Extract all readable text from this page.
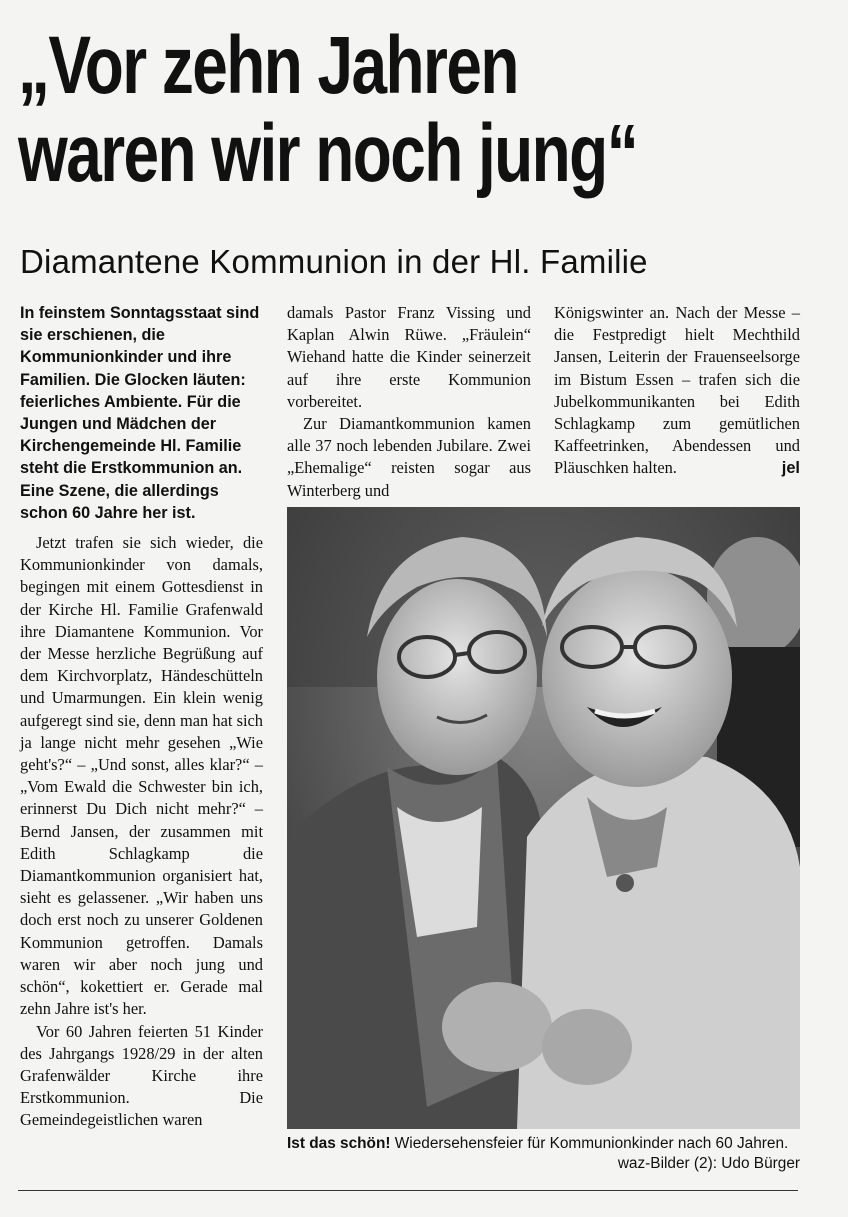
„Vor zehn Jahren
waren wir noch jung“
Diamantene Kommunion in der Hl. Familie

In feinstem Sonntagsstaat sind sie erschienen, die Kommunionkinder und ihre Familien. Die Glocken läuten: feierliches Ambiente. Für die Jungen und Mädchen der Kirchengemeinde Hl. Familie steht die Erstkommunion an. Eine Szene, die allerdings schon 60 Jahre her ist.

Jetzt trafen sie sich wieder, die Kommunionkinder von damals, begingen mit einem Gottesdienst in der Kirche Hl. Familie Grafenwald ihre Diamantene Kommunion. Vor der Messe herzliche Begrüßung auf dem Kirchvorplatz, Händeschütteln und Umarmungen. Ein klein wenig aufgeregt sind sie, denn man hat sich ja lange nicht mehr gesehen „Wie geht's?“ – „Und sonst, alles klar?“ – „Vom Ewald die Schwester bin ich, erinnerst Du Dich nicht mehr?“ – Bernd Jansen, der zusammen mit Edith Schlagkamp die Diamantkommunion organisiert hat, sieht es gelassener. „Wir haben uns doch erst noch zu unserer Goldenen Kommunion getroffen. Damals waren wir aber noch jung und schön“, kokettiert er. Gerade mal zehn Jahre ist's her.

Vor 60 Jahren feierten 51 Kinder des Jahrgangs 1928/29 in der alten Grafenwälder Kirche ihre Erstkommunion. Die Gemeindegeistlichen waren

damals Pastor Franz Vissing und Kaplan Alwin Rüwe. „Fräulein“ Wiehand hatte die Kinder seinerzeit auf ihre erste Kommunion vorbereitet.

Zur Diamantkommunion kamen alle 37 noch lebenden Jubilare. Zwei „Ehemalige“ reisten sogar aus Winterberg und

Königswinter an. Nach der Messe – die Festpredigt hielt Mechthild Jansen, Leiterin der Frauenseelsorge im Bistum Essen – trafen sich die Jubelkommunikanten bei Edith Schlagkamp zum gemütlichen Kaffeetrinken, Abendessen und Pläuschken halten.	jel

Ist das schön! Wiedersehensfeier für Kommunionkinder nach 60 Jahren.
waz-Bilder (2): Udo Bürger
